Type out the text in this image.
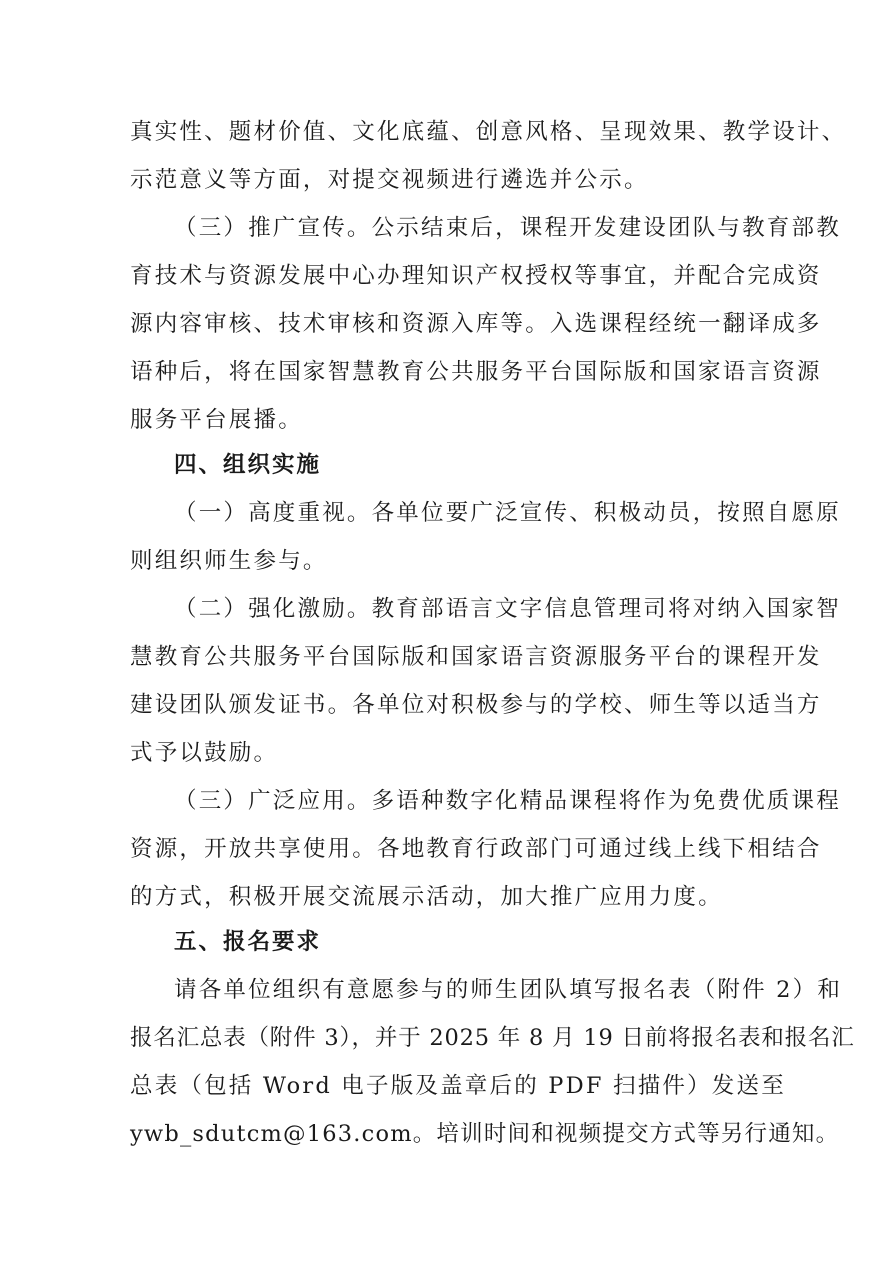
真实性、题材价值、文化底蕴、创意风格、呈现效果、教学设计、
示范意义等方面，对提交视频进行遴选并公示。
（三）推广宣传。公示结束后，课程开发建设团队与教育部教
育技术与资源发展中心办理知识产权授权等事宜，并配合完成资
源内容审核、技术审核和资源入库等。入选课程经统一翻译成多
语种后，将在国家智慧教育公共服务平台国际版和国家语言资源
服务平台展播。
四、组织实施
（一）高度重视。各单位要广泛宣传、积极动员，按照自愿原
则组织师生参与。
（二）强化激励。教育部语言文字信息管理司将对纳入国家智
慧教育公共服务平台国际版和国家语言资源服务平台的课程开发
建设团队颁发证书。各单位对积极参与的学校、师生等以适当方
式予以鼓励。
（三）广泛应用。多语种数字化精品课程将作为免费优质课程
资源，开放共享使用。各地教育行政部门可通过线上线下相结合
的方式，积极开展交流展示活动，加大推广应用力度。
五、报名要求
请各单位组织有意愿参与的师生团队填写报名表（附件 2）和
报名汇总表（附件 3），并于 2025 年 8 月 19 日前将报名表和报名汇
总表（包括 Word 电子版及盖章后的 PDF 扫描件）发送至
ywb_sdutcm@163.com。培训时间和视频提交方式等另行通知。
